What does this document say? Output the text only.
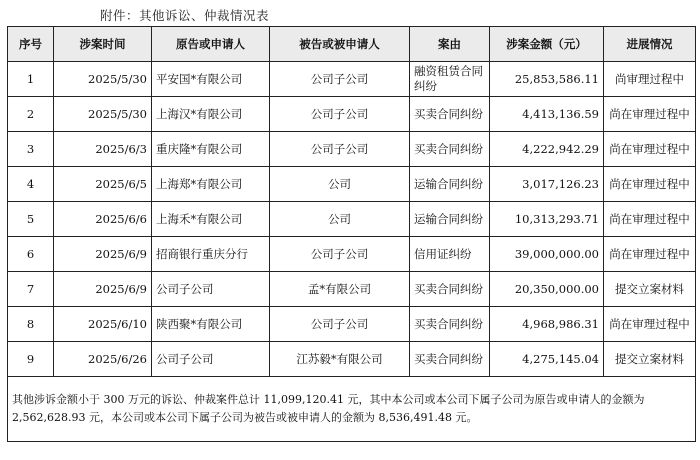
附件：其他诉讼、仲裁情况表
序号	涉案时间	原告或申请人	被告或被申请人	案由	涉案金额（元）	进展情况
1	2025/5/30	平安国*有限公司	公司子公司	融资租赁合同纠纷	25,853,586.11	尚审理过程中
2	2025/5/30	上海汉*有限公司	公司子公司	买卖合同纠纷	4,413,136.59	尚在审理过程中
3	2025/6/3	重庆隆*有限公司	公司子公司	买卖合同纠纷	4,222,942.29	尚在审理过程中
4	2025/6/5	上海郑*有限公司	公司	运输合同纠纷	3,017,126.23	尚在审理过程中
5	2025/6/6	上海禾*有限公司	公司	运输合同纠纷	10,313,293.71	尚在审理过程中
6	2025/6/9	招商银行重庆分行	公司子公司	信用证纠纷	39,000,000.00	尚在审理过程中
7	2025/6/9	公司子公司	孟*有限公司	买卖合同纠纷	20,350,000.00	提交立案材料
8	2025/6/10	陕西聚*有限公司	公司子公司	买卖合同纠纷	4,968,986.31	尚在审理过程中
9	2025/6/26	公司子公司	江苏毅*有限公司	买卖合同纠纷	4,275,145.04	提交立案材料
其他涉诉金额小于 300 万元的诉讼、仲裁案件总计 11,099,120.41 元，其中本公司或本公司下属子公司为原告或申请人的金额为 2,562,628.93 元，本公司或本公司下属子公司为被告或被申请人的金额为 8,536,491.48 元。						
